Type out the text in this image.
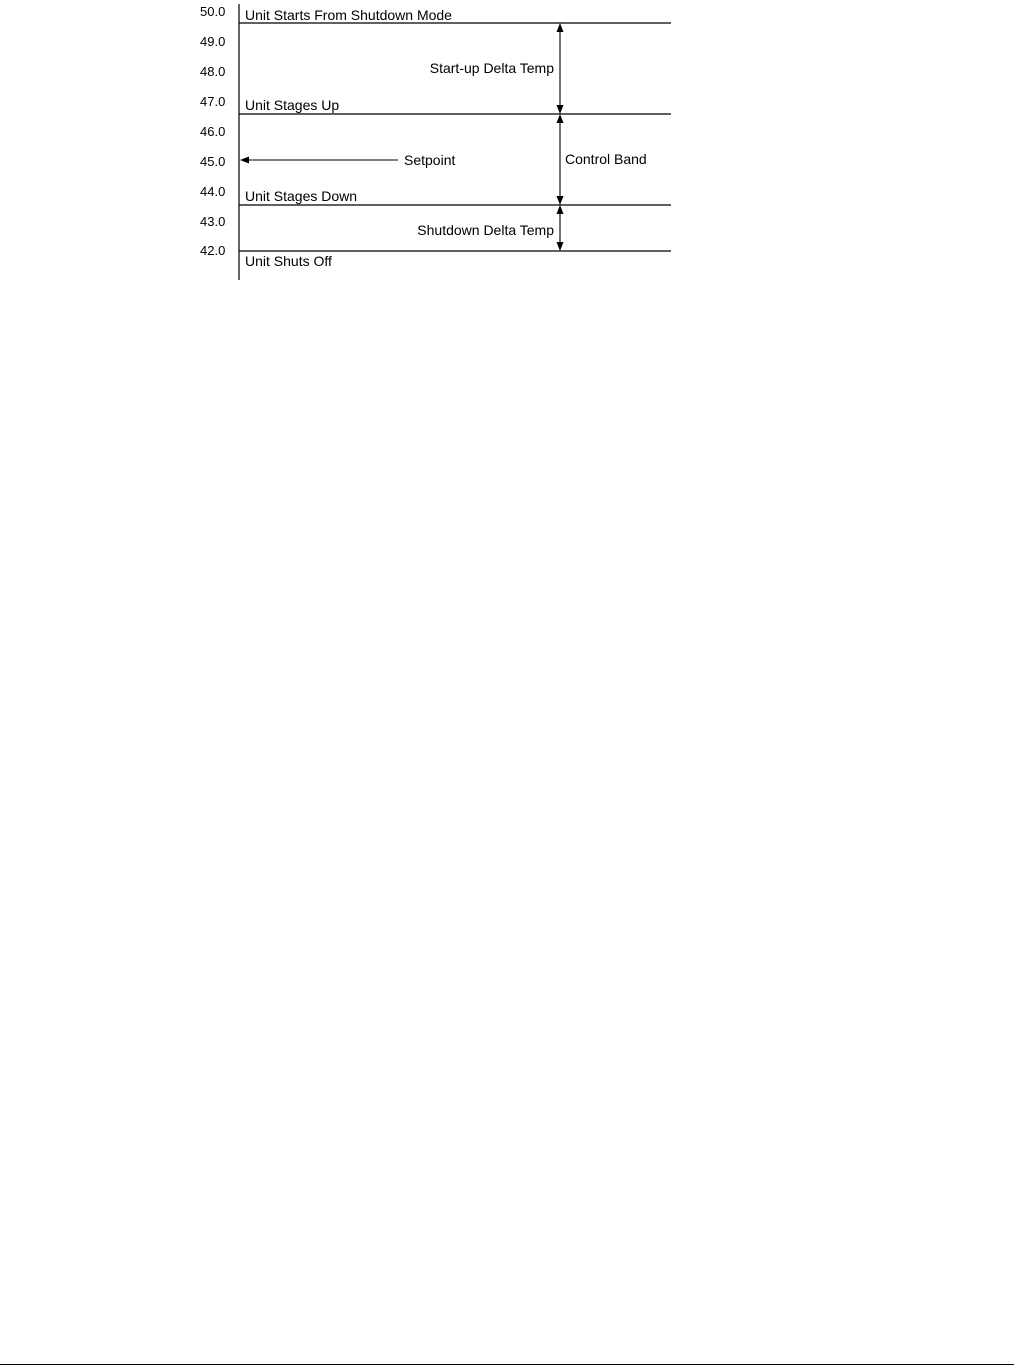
50.0
49.0
48.0
47.0
46.0
45.0
44.0
43.0
42.0
Unit Starts From Shutdown Mode
Unit Stages Up
Unit Stages Down
Unit Shuts Off
Setpoint
Start-up Delta Temp
Control Band
Shutdown Delta Temp
